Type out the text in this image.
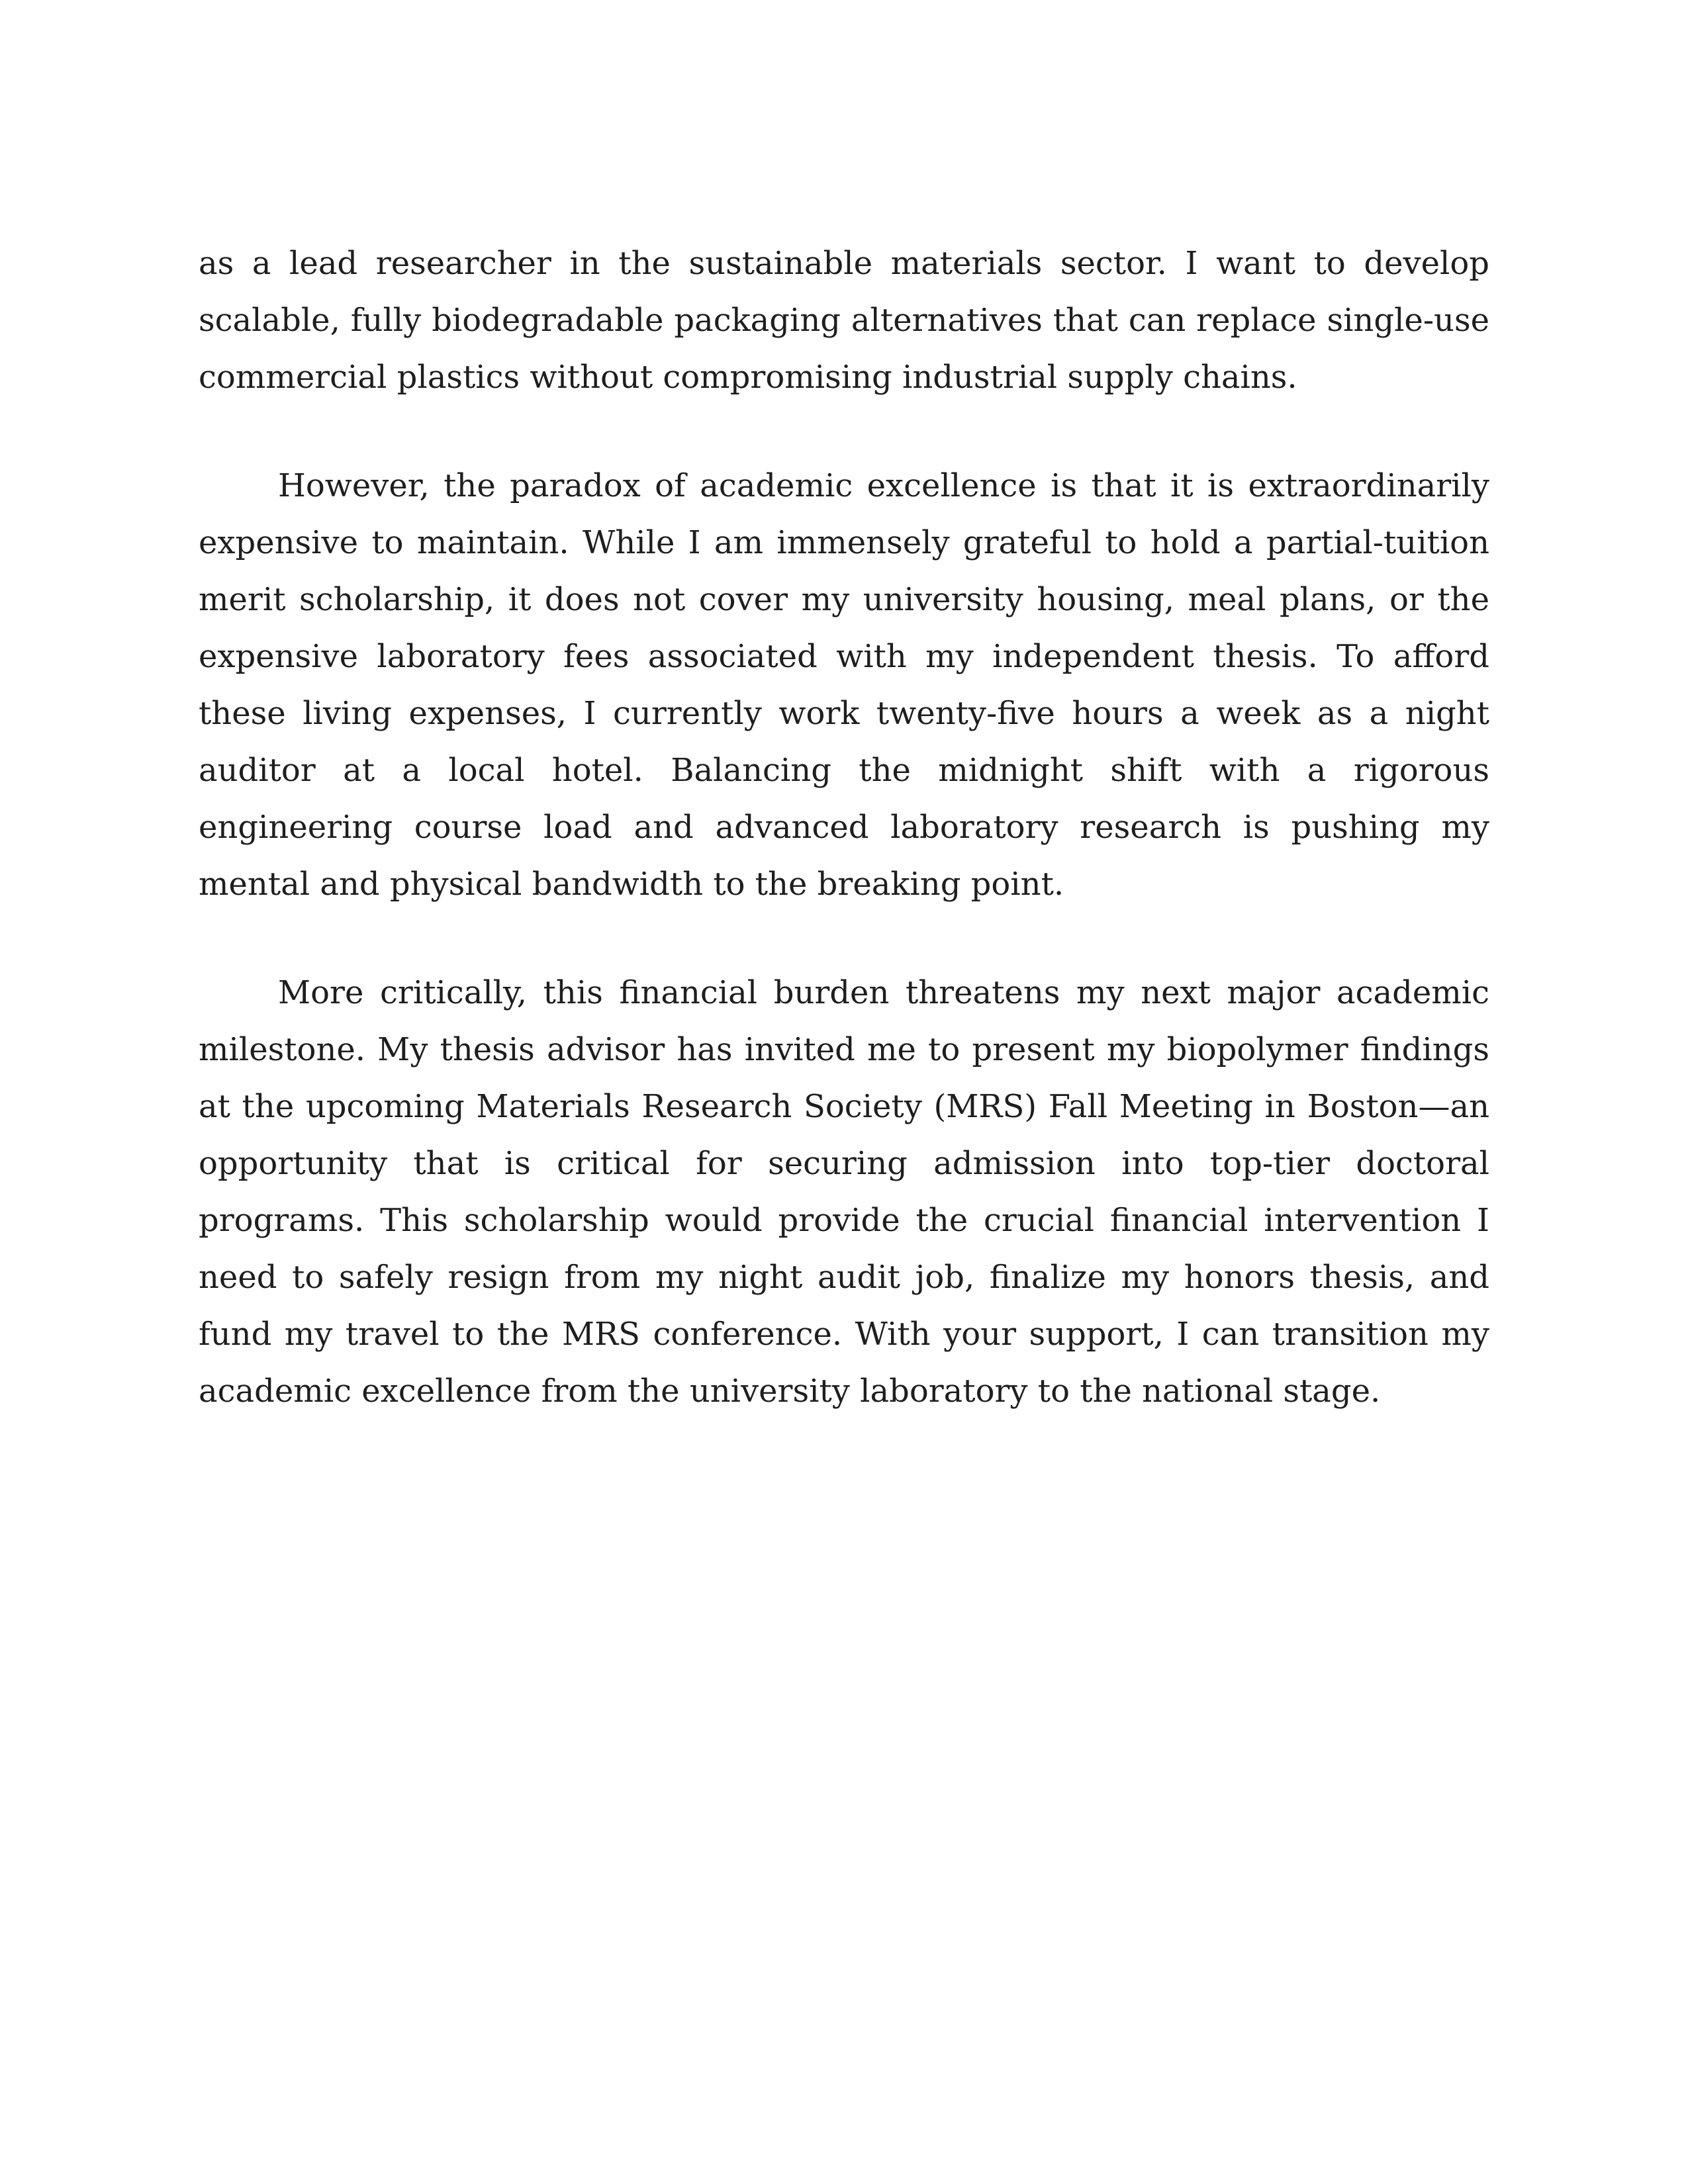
as a lead researcher in the sustainable materials sector. I want to develop scalable, fully biodegradable packaging alternatives that can replace single-use commercial plastics without compromising industrial supply chains.

However, the paradox of academic excellence is that it is extraordinarily expensive to maintain. While I am immensely grateful to hold a partial-tuition merit scholarship, it does not cover my university housing, meal plans, or the expensive laboratory fees associated with my independent thesis. To afford these living expenses, I currently work twenty-five hours a week as a night auditor at a local hotel. Balancing the midnight shift with a rigorous engineering course load and advanced laboratory research is pushing my mental and physical bandwidth to the breaking point.

More critically, this financial burden threatens my next major academic milestone. My thesis advisor has invited me to present my biopolymer findings at the upcoming Materials Research Society (MRS) Fall Meeting in Boston—an opportunity that is critical for securing admission into top-tier doctoral programs. This scholarship would provide the crucial financial intervention I need to safely resign from my night audit job, finalize my honors thesis, and fund my travel to the MRS conference. With your support, I can transition my academic excellence from the university laboratory to the national stage.
